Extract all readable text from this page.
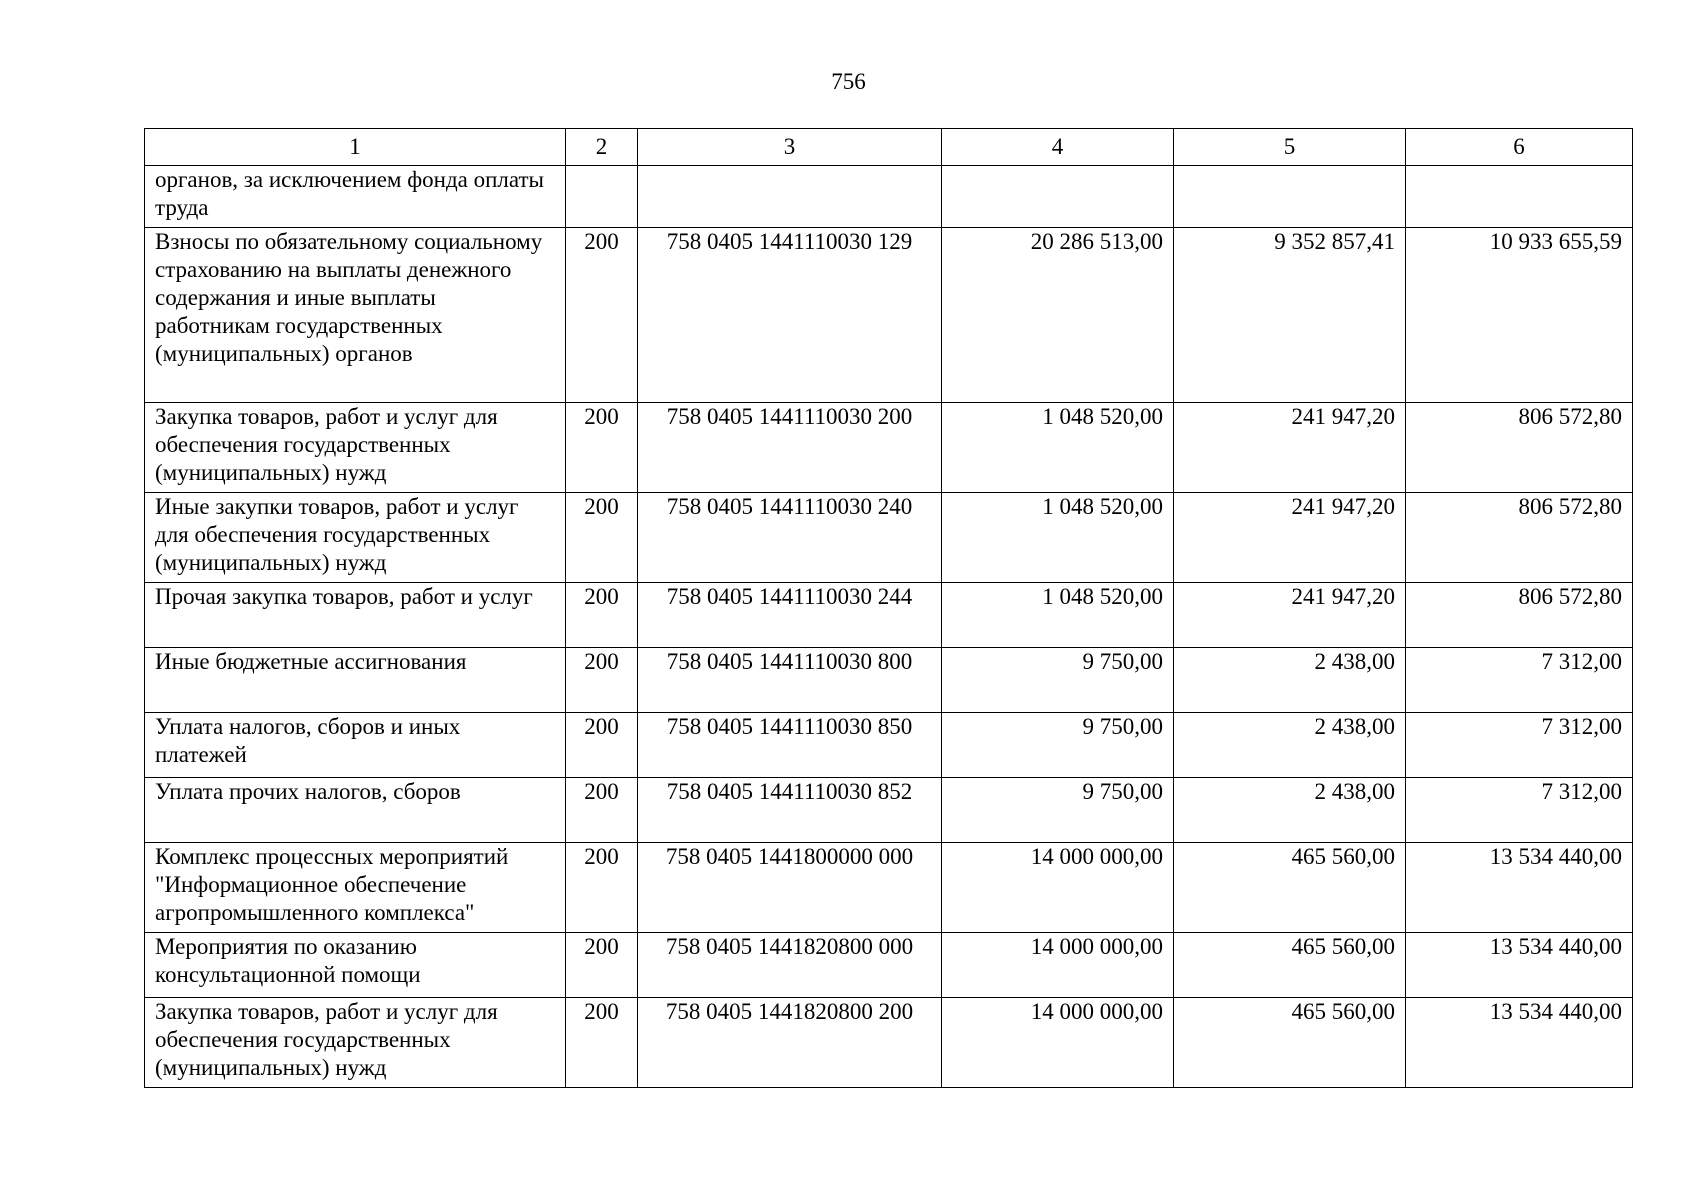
756
1	2	3	4	5	6
органов, за исключением фонда оплаты труда					
Взносы по обязательному социальному страхованию на выплаты денежного содержания и иные выплаты работникам государственных (муниципальных) органов	200	758 0405 1441110030 129	20 286 513,00	9 352 857,41	10 933 655,59
Закупка товаров, работ и услуг для обеспечения государственных (муниципальных) нужд	200	758 0405 1441110030 200	1 048 520,00	241 947,20	806 572,80
Иные закупки товаров, работ и услуг для обеспечения государственных (муниципальных) нужд	200	758 0405 1441110030 240	1 048 520,00	241 947,20	806 572,80
Прочая закупка товаров, работ и услуг	200	758 0405 1441110030 244	1 048 520,00	241 947,20	806 572,80
Иные бюджетные ассигнования	200	758 0405 1441110030 800	9 750,00	2 438,00	7 312,00
Уплата налогов, сборов и иных платежей	200	758 0405 1441110030 850	9 750,00	2 438,00	7 312,00
Уплата прочих налогов, сборов	200	758 0405 1441110030 852	9 750,00	2 438,00	7 312,00
Комплекс процессных мероприятий "Информационное обеспечение агропромышленного комплекса"	200	758 0405 1441800000 000	14 000 000,00	465 560,00	13 534 440,00
Мероприятия по оказанию консультационной помощи	200	758 0405 1441820800 000	14 000 000,00	465 560,00	13 534 440,00
Закупка товаров, работ и услуг для обеспечения государственных (муниципальных) нужд	200	758 0405 1441820800 200	14 000 000,00	465 560,00	13 534 440,00
